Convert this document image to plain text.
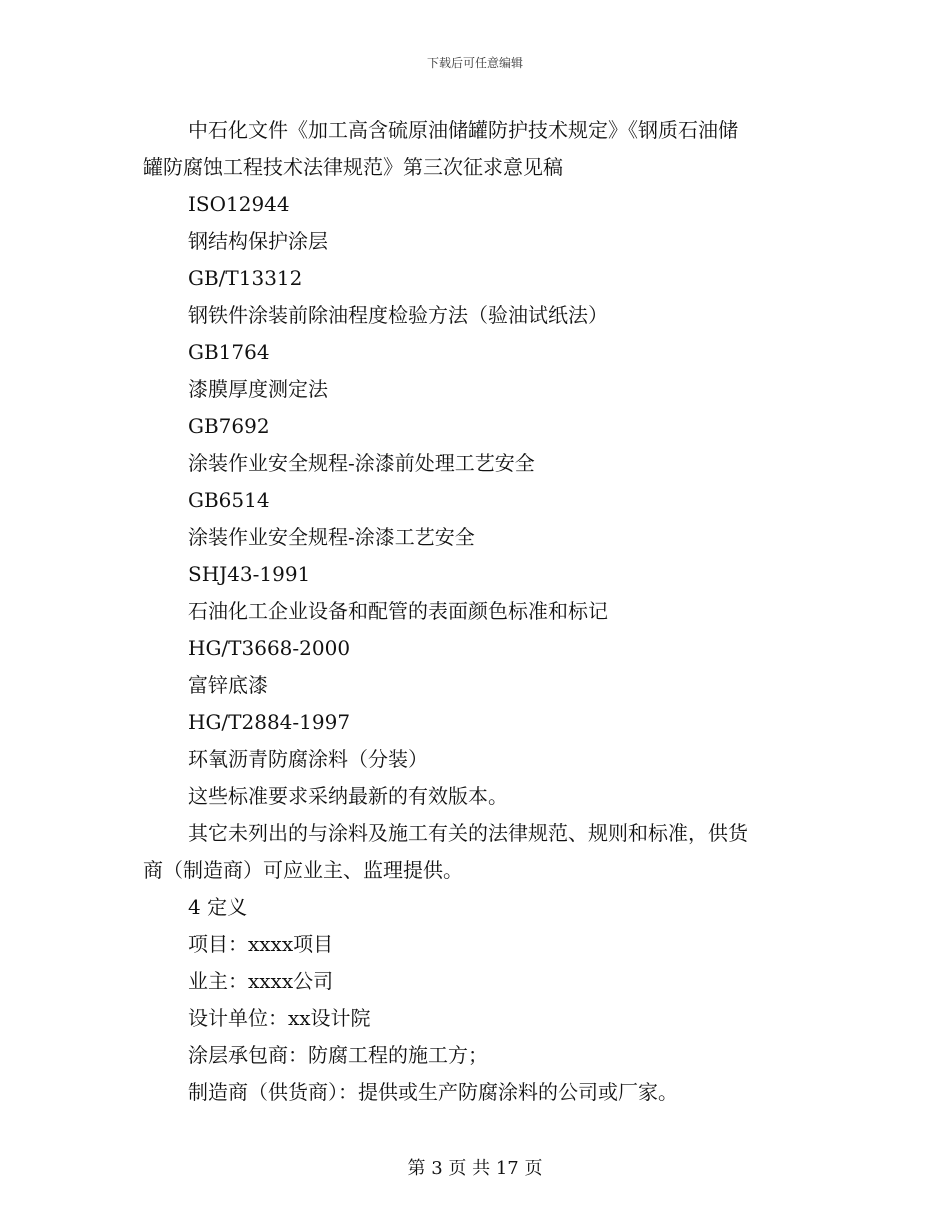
下载后可任意编辑
中石化文件《加工高含硫原油储罐防护技术规定》《钢质石油储
罐防腐蚀工程技术法律规范》第三次征求意见稿
ISO12944
钢结构保护涂层
GB/T13312
钢铁件涂装前除油程度检验方法（验油试纸法）
GB1764
漆膜厚度测定法
GB7692
涂装作业安全规程-涂漆前处理工艺安全
GB6514
涂装作业安全规程-涂漆工艺安全
SHJ43-1991
石油化工企业设备和配管的表面颜色标准和标记
HG/T3668-2000
富锌底漆
HG/T2884-1997
环氧沥青防腐涂料（分装）
这些标准要求采纳最新的有效版本。
其它未列出的与涂料及施工有关的法律规范、规则和标准，供货
商（制造商）可应业主、监理提供。
4 定义
项目：xxxx项目
业主：xxxx公司
设计单位：xx设计院
涂层承包商：防腐工程的施工方；
制造商（供货商）：提供或生产防腐涂料的公司或厂家。
第 3 页 共 17 页
